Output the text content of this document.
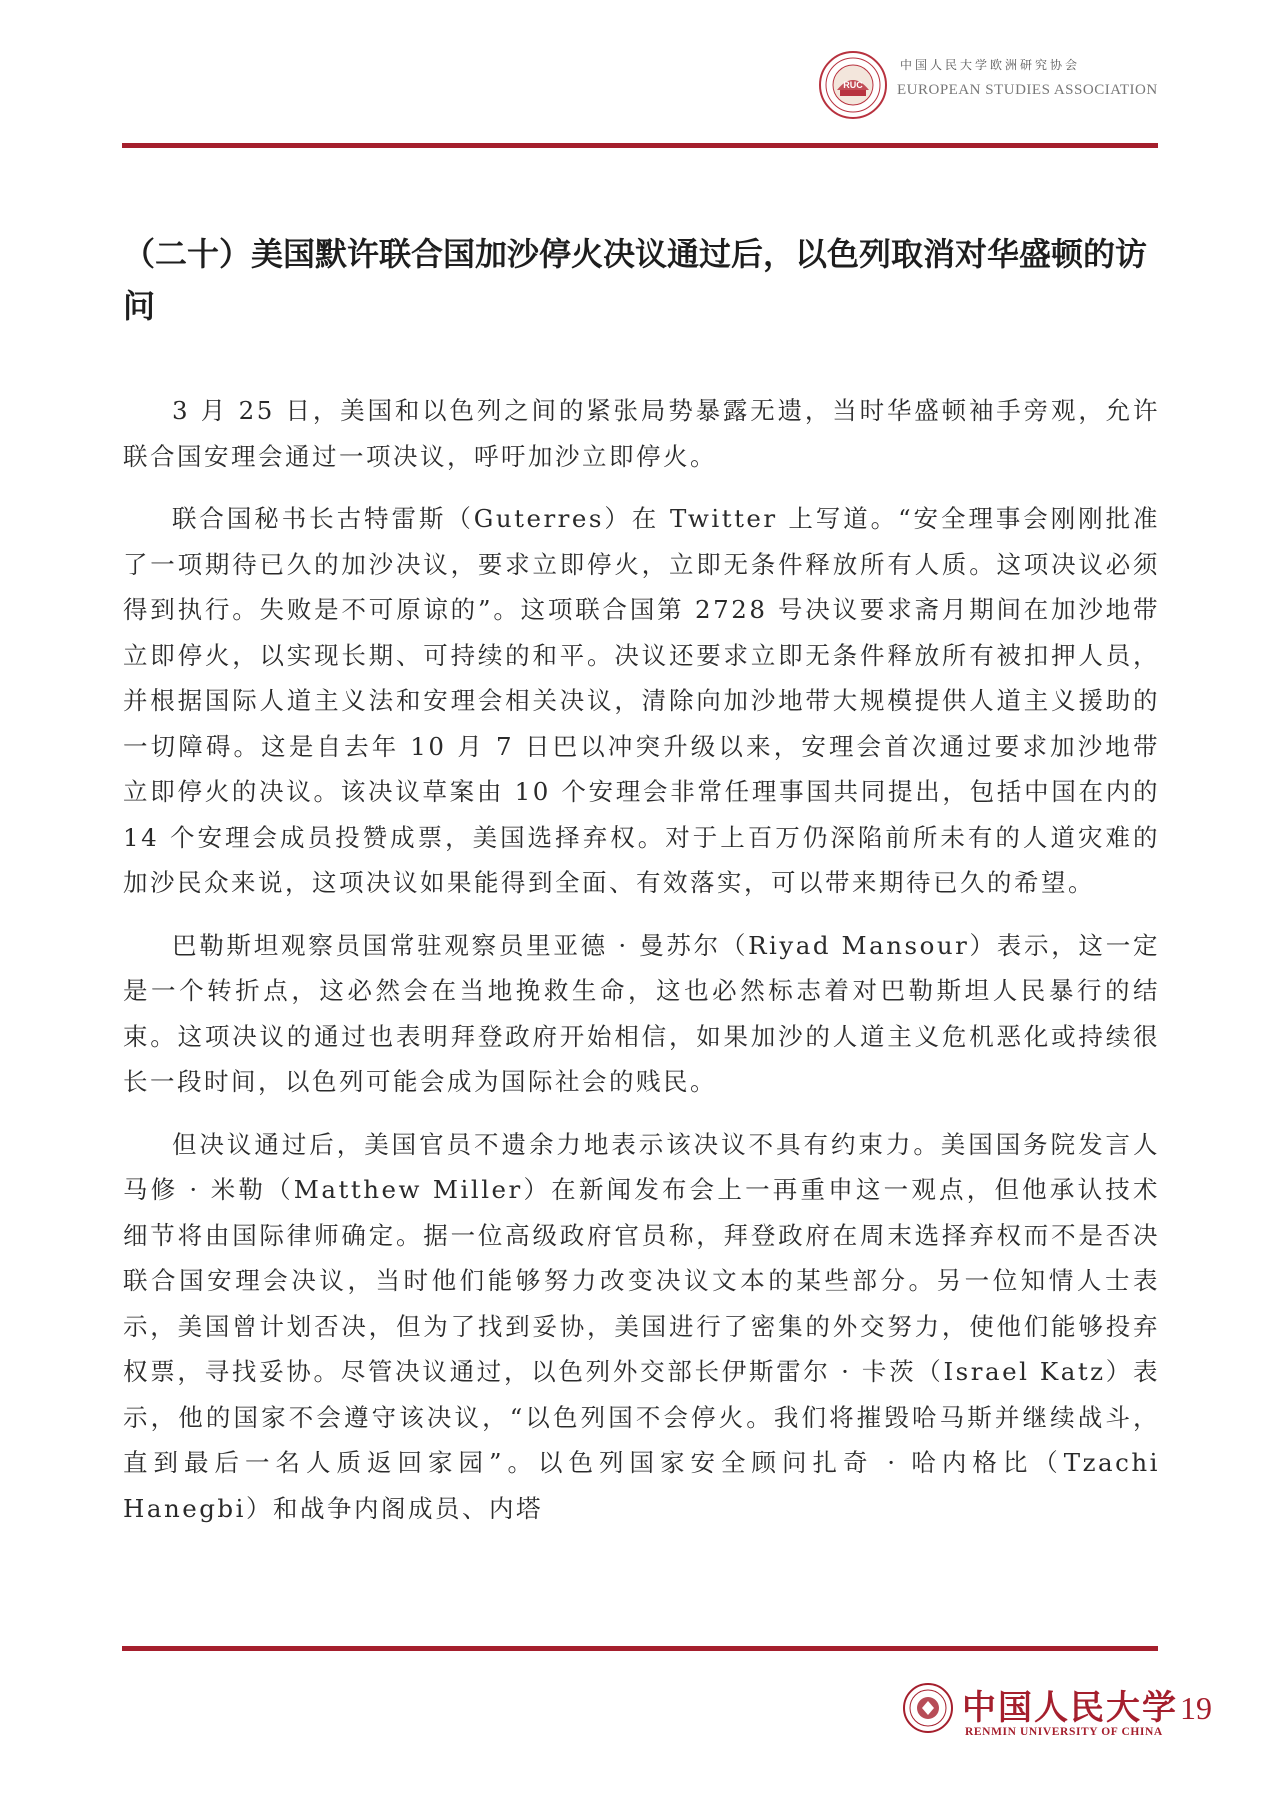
RUC
中国人民大学欧洲研究协会
EUROPEAN STUDIES ASSOCIATION
（二十）美国默许联合国加沙停火决议通过后，以色列取消对华盛顿的访问

3 月 25 日，美国和以色列之间的紧张局势暴露无遗，当时华盛顿袖手旁观，允许联合国安理会通过一项决议，呼吁加沙立即停火。

联合国秘书长古特雷斯（Guterres）在 Twitter 上写道。“安全理事会刚刚批准了一项期待已久的加沙决议，要求立即停火，立即无条件释放所有人质。这项决议必须得到执行。失败是不可原谅的”。这项联合国第 2728 号决议要求斋月期间在加沙地带立即停火，以实现长期、可持续的和平。决议还要求立即无条件释放所有被扣押人员，并根据国际人道主义法和安理会相关决议，清除向加沙地带大规模提供人道主义援助的一切障碍。这是自去年 10 月 7 日巴以冲突升级以来，安理会首次通过要求加沙地带立即停火的决议。该决议草案由 10 个安理会非常任理事国共同提出，包括中国在内的 14 个安理会成员投赞成票，美国选择弃权。对于上百万仍深陷前所未有的人道灾难的加沙民众来说，这项决议如果能得到全面、有效落实，可以带来期待已久的希望。

巴勒斯坦观察员国常驻观察员里亚德 · 曼苏尔（Riyad Mansour）表示，这一定是一个转折点，这必然会在当地挽救生命，这也必然标志着对巴勒斯坦人民暴行的结束。这项决议的通过也表明拜登政府开始相信，如果加沙的人道主义危机恶化或持续很长一段时间，以色列可能会成为国际社会的贱民。

但决议通过后，美国官员不遗余力地表示该决议不具有约束力。美国国务院发言人马修 · 米勒（Matthew Miller）在新闻发布会上一再重申这一观点，但他承认技术细节将由国际律师确定。据一位高级政府官员称，拜登政府在周末选择弃权而不是否决联合国安理会决议，当时他们能够努力改变决议文本的某些部分。另一位知情人士表示，美国曾计划否决，但为了找到妥协，美国进行了密集的外交努力，使他们能够投弃权票，寻找妥协。尽管决议通过，以色列外交部长伊斯雷尔 · 卡茨（Israel Katz）表示，他的国家不会遵守该决议，“以色列国不会停火。我们将摧毁哈马斯并继续战斗，直到最后一名人质返回家园”。以色列国家安全顾问扎奇 · 哈内格比（Tzachi Hanegbi）和战争内阁成员、内塔

中国人民大学
RENMIN UNIVERSITY OF CHINA
19
